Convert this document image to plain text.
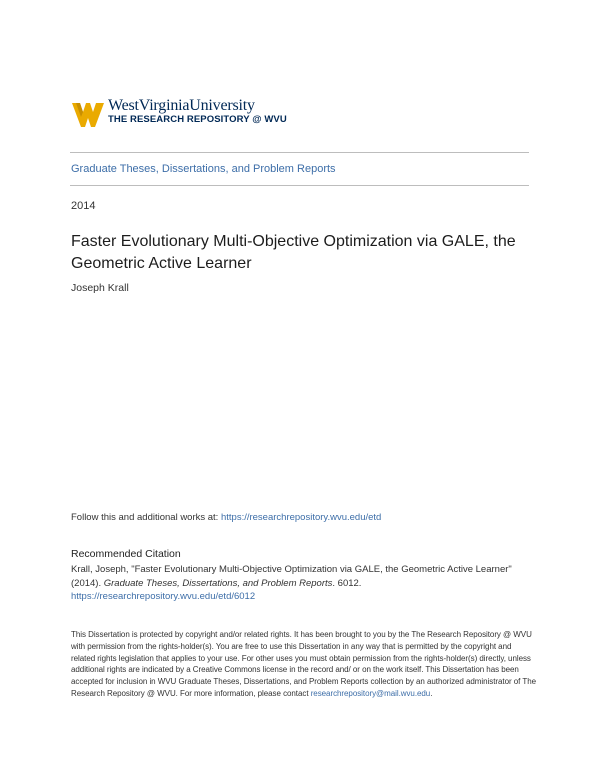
WestVirginiaUniversity
THE RESEARCH REPOSITORY @ WVU
Graduate Theses, Dissertations, and Problem Reports
2014
Faster Evolutionary Multi-Objective Optimization via GALE, the Geometric Active Learner
Joseph Krall
Follow this and additional works at: https://researchrepository.wvu.edu/etd
Recommended Citation
Krall, Joseph, "Faster Evolutionary Multi-Objective Optimization via GALE, the Geometric Active Learner" (2014). Graduate Theses, Dissertations, and Problem Reports. 6012.
https://researchrepository.wvu.edu/etd/6012
This Dissertation is protected by copyright and/or related rights. It has been brought to you by the The Research Repository @ WVU with permission from the rights-holder(s). You are free to use this Dissertation in any way that is permitted by the copyright and related rights legislation that applies to your use. For other uses you must obtain permission from the rights-holder(s) directly, unless additional rights are indicated by a Creative Commons license in the record and/ or on the work itself. This Dissertation has been accepted for inclusion in WVU Graduate Theses, Dissertations, and Problem Reports collection by an authorized administrator of The Research Repository @ WVU. For more information, please contact researchrepository@mail.wvu.edu.
